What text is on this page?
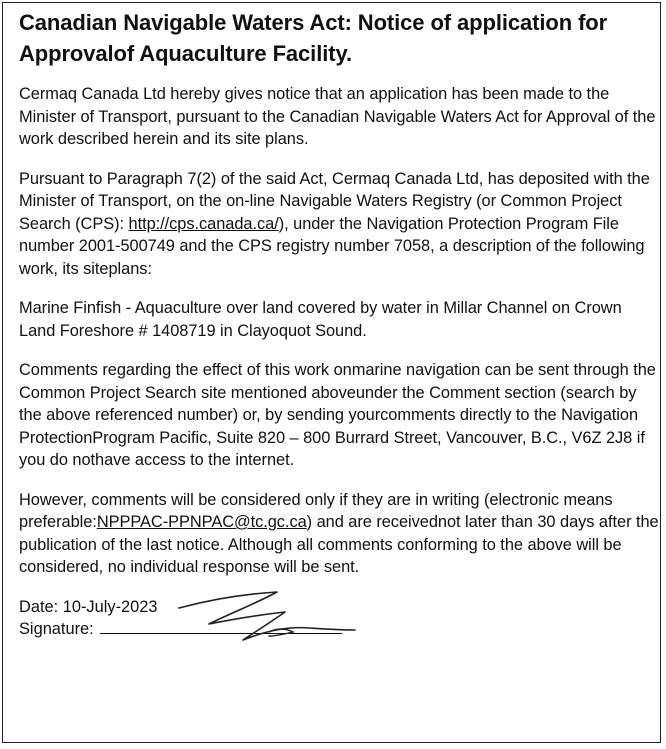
Canadian Navigable Waters Act: Notice of application for Approvalof Aquaculture Facility.

Cermaq Canada Ltd hereby gives notice that an application has been made to the Minister of Transport, pursuant to the Canadian Navigable Waters Act for Approval of the work described herein and its site plans.

Pursuant to Paragraph 7(2) of the said Act, Cermaq Canada Ltd, has deposited with the Minister of Transport, on the on-line Navigable Waters Registry (or Common Project Search (CPS): http://cps.canada.ca/), under the Navigation Protection Program File number 2001-500749 and the CPS registry number 7058, a description of the following work, its siteplans:

Marine Finfish - Aquaculture over land covered by water in Millar Channel on Crown Land Foreshore # 1408719 in Clayoquot Sound.

Comments regarding the effect of this work onmarine navigation can be sent through the Common Project Search site mentioned aboveunder the Comment section (search by the above referenced number) or, by sending yourcomments directly to the Navigation ProtectionProgram Pacific, Suite 820 – 800 Burrard Street, Vancouver, B.C., V6Z 2J8 if you do nothave access to the internet.

However, comments will be considered only if they are in writing (electronic means preferable:NPPPAC-PPNPAC@tc.gc.ca) and are receivednot later than 30 days after the publication of the last notice. Although all comments conforming to the above will be considered, no individual response will be sent.

Date: 10-July-2023
Signature:
